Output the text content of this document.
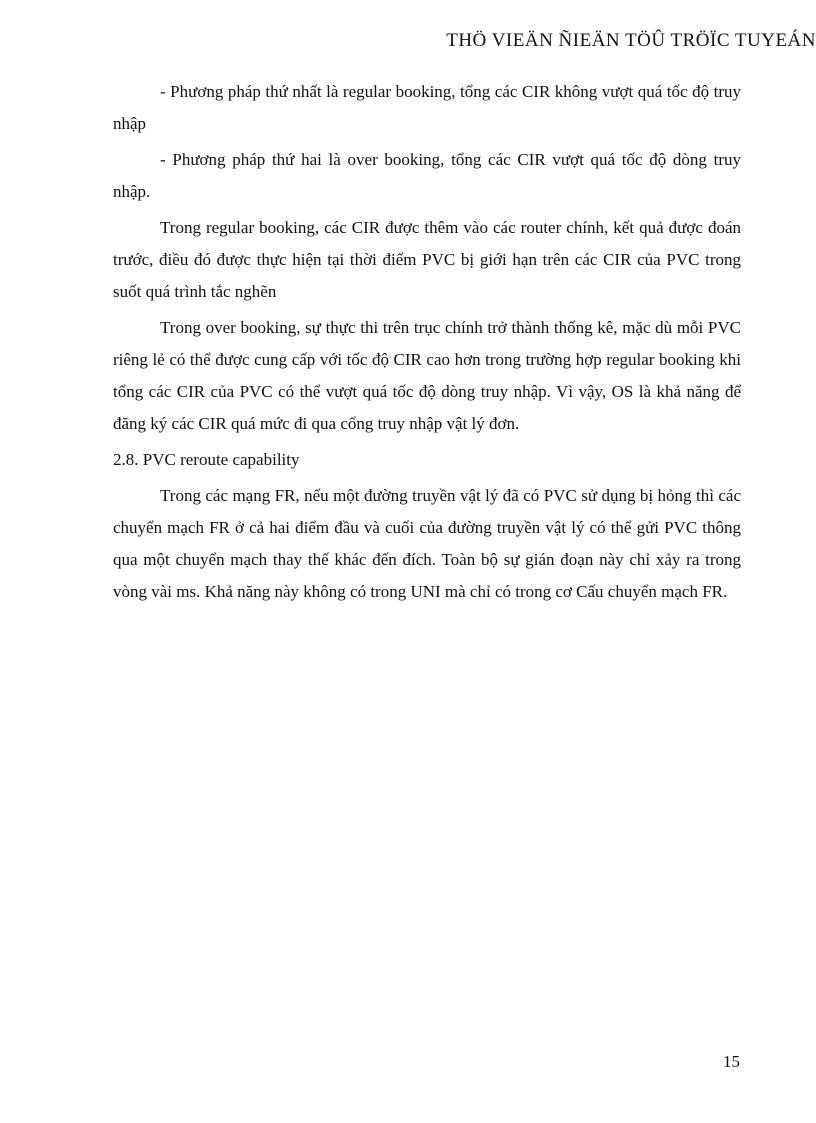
THÖ VIEÄN ÑIEÄN TÖÛ TRÖÏC TUYEÁN

- Phương pháp thứ nhất là regular booking, tổng các CIR không vượt quá tốc độ truy nhập

- Phương pháp thứ hai là over booking, tổng các CIR vượt quá tốc độ dòng truy nhập.

Trong regular booking, các CIR được thêm vào các router chính, kết quả được đoán trước, điều đó được thực hiện tại thời điểm PVC bị giới hạn trên các CIR của PVC trong suốt quá trình tắc nghẽn

Trong over booking, sự thực thi trên trục chính trở thành thống kê, mặc dù mỗi PVC riêng lẻ có thể được cung cấp với tốc độ CIR cao hơn trong trường hợp regular booking khi tổng các CIR của PVC có thể vượt quá tốc độ dòng truy nhập. Vì vậy, OS là khả năng để đăng ký các CIR quá mức đi qua cổng truy nhập vật lý đơn.

2.8. PVC reroute capability

Trong các mạng FR, nếu một đường truyền vật lý đã có PVC sử dụng bị hỏng thì các chuyển mạch FR ở cả hai điểm đầu và cuối của đường truyền vật lý có thể gửi PVC thông qua một chuyển mạch thay thế khác đến đích. Toàn bộ sự gián đoạn này chỉ xảy ra trong vòng vài ms. Khả năng này không có trong UNI mà chỉ có trong cơ Cấu chuyển mạch FR.

15
